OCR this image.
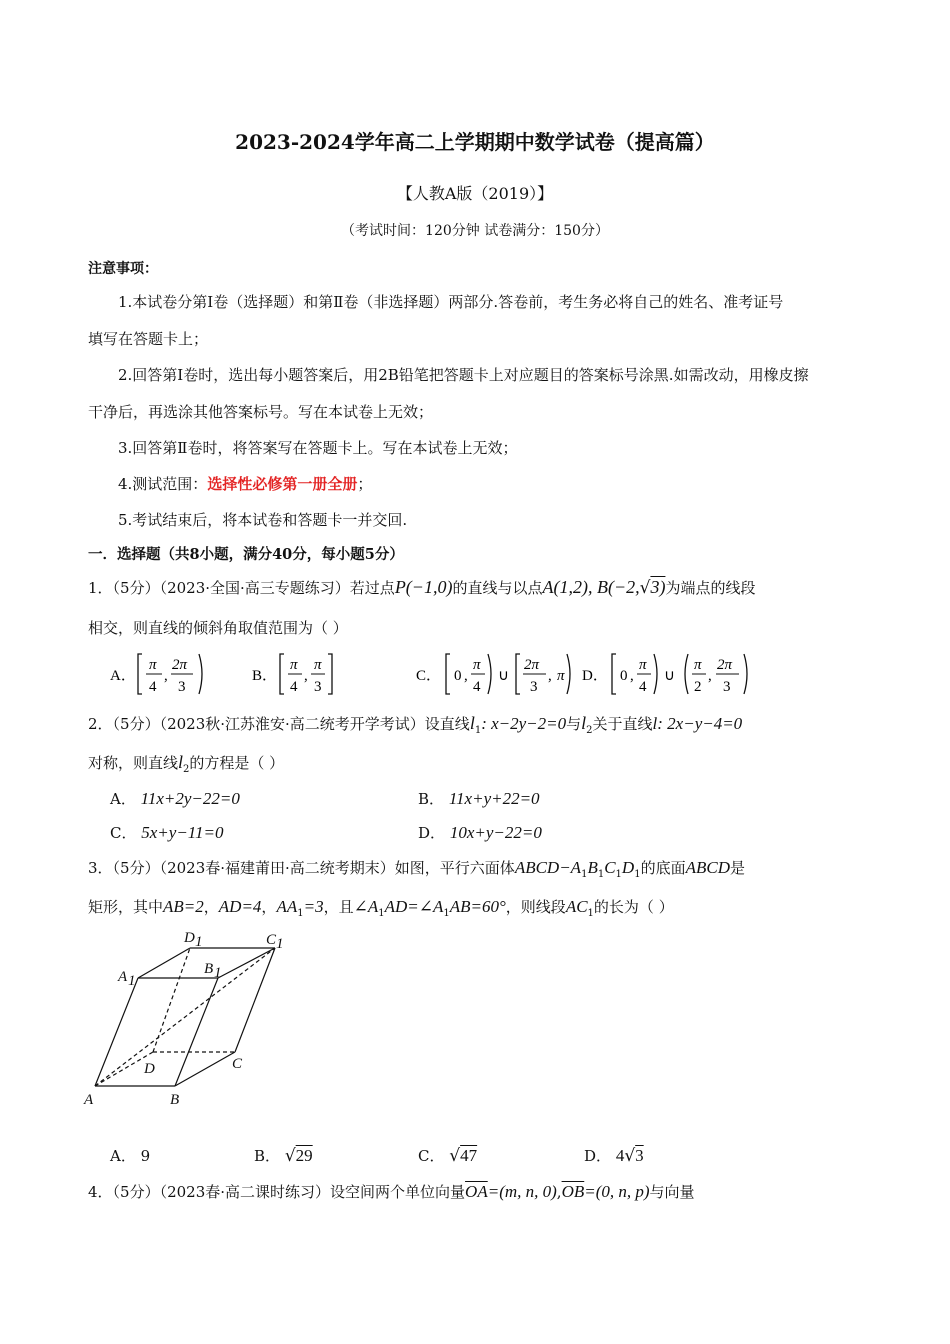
2023-2024学年高二上学期期中数学试卷（提高篇）
【人教A版（2019）】
（考试时间：120分钟 试卷满分：150分）
注意事项：
1.本试卷分第Ⅰ卷（选择题）和第Ⅱ卷（非选择题）两部分.答卷前，考生务必将自己的姓名、准考证号
填写在答题卡上；
2.回答第Ⅰ卷时，选出每小题答案后，用2B铅笔把答题卡上对应题目的答案标号涂黑.如需改动，用橡皮擦
干净后，再选涂其他答案标号。写在本试卷上无效；
3.回答第Ⅱ卷时，将答案写在答题卡上。写在本试卷上无效；
4.测试范围：选择性必修第一册全册；
5.考试结束后，将本试卷和答题卡一并交回.
一．选择题（共8小题，满分40分，每小题5分）
1．（5分）（2023·全国·高三专题练习）若过点P(−1,0)的直线与以点A(1,2), B(−2,√3)为端点的线段
相交，则直线的倾斜角取值范围为（ ）
A．
π
4
,
2π
3
B．
π
4
,
π
3
C． 0 ,
π
4
∪
2π
3
, π D． 0 ,
π
4
∪
π
2
,
2π
3
2．（5分）（2023秋·江苏淮安·高二统考开学考试）设直线$l_1$: x−2y−2=0与$l_2$关于直线l: 2x−y−4=0
对称，则直线$l_2$的方程是（ ）
A． 11x+2y−22=0	B． 11x+y+22=0
C． 5x+y−11=0	D． 10x+y−22=0
3．（5分）（2023春·福建莆田·高二统考期末）如图，平行六面体$ABCD-A_1B_1C_1D_1$的底面ABCD是
矩形，其中AB=2，AD=4，$AA_1=3$，且$\angle A_1AD=\angle A_1AB=60^\circ$，则线段$AC_1$的长为（ ）
A	B
C
D
A 1
B 1
C 1
D 1
A． 9	B． √29	C． √47	D． 4√3
4．（5分）（2023春·高二课时练习）设空间两个单位向量$\overline{OA}=(m$, n, $0),\overline{OB}=(0$, n, p)与向量
